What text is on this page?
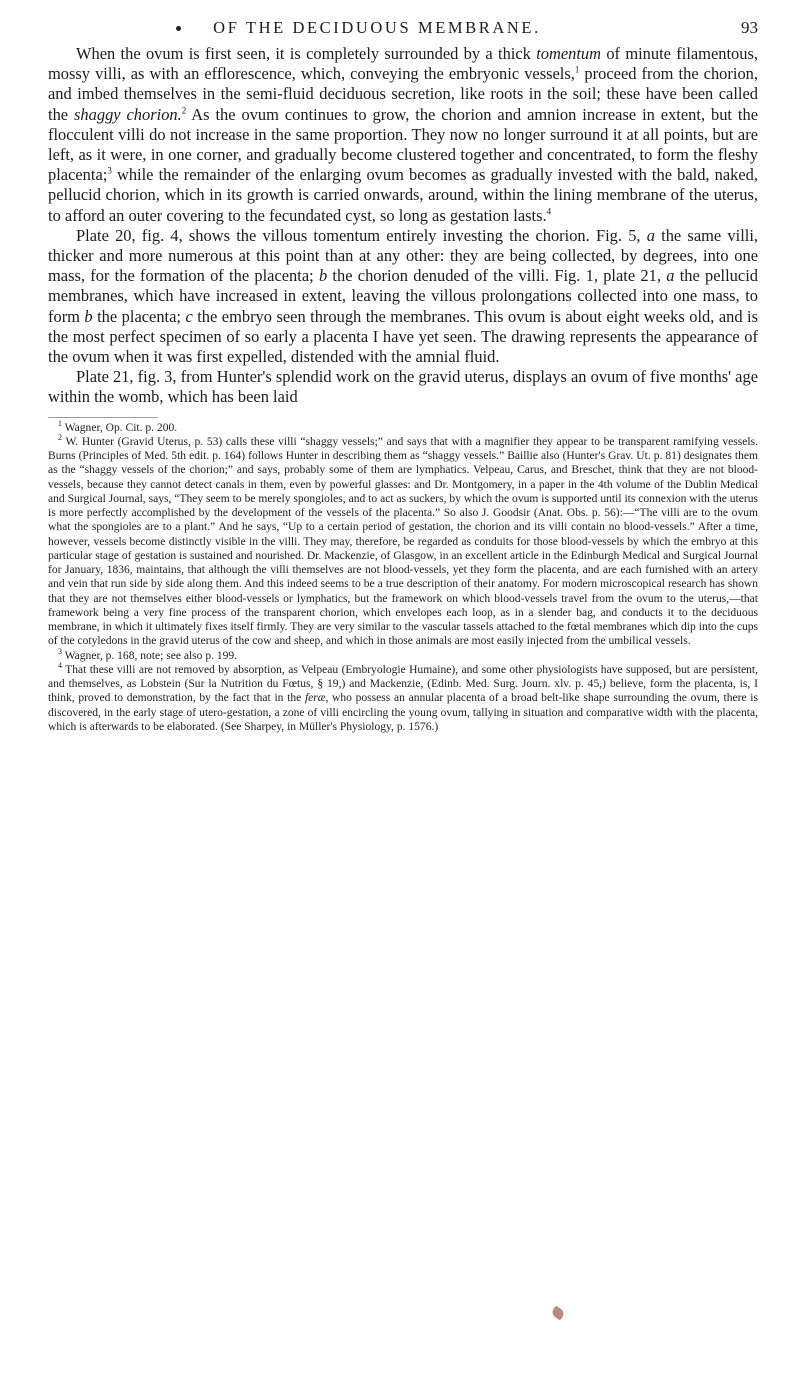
OF THE DECIDUOUS MEMBRANE.	93

When the ovum is first seen, it is completely surrounded by a thick tomentum of minute filamentous, mossy villi, as with an efflorescence, which, conveying the embryonic vessels,$^1$ proceed from the chorion, and imbed themselves in the semi-fluid deciduous secretion, like roots in the soil; these have been called the shaggy chorion.$^2$ As the ovum continues to grow, the chorion and amnion increase in extent, but the flocculent villi do not increase in the same proportion. They now no longer surround it at all points, but are left, as it were, in one corner, and gradually become clustered together and concentrated, to form the fleshy placenta;$^3$ while the remainder of the enlarging ovum becomes as gradually invested with the bald, naked, pellucid chorion, which in its growth is carried onwards, around, within the lining membrane of the uterus, to afford an outer covering to the fecundated cyst, so long as gestation lasts.$^4$

Plate 20, fig. 4, shows the villous tomentum entirely investing the chorion. Fig. 5, a the same villi, thicker and more numerous at this point than at any other: they are being collected, by degrees, into one mass, for the formation of the placenta; b the chorion denuded of the villi. Fig. 1, plate 21, a the pellucid membranes, which have increased in extent, leaving the villous prolongations collected into one mass, to form b the placenta; c the embryo seen through the membranes. This ovum is about eight weeks old, and is the most perfect specimen of so early a placenta I have yet seen. The drawing represents the appearance of the ovum when it was first expelled, distended with the amnial fluid.

Plate 21, fig. 3, from Hunter's splendid work on the gravid uterus, displays an ovum of five months' age within the womb, which has been laid

$^1$ Wagner, Op. Cit. p. 200.

$^2$ W. Hunter (Gravid Uterus, p. 53) calls these villi “shaggy vessels;” and says that with a magnifier they appear to be transparent ramifying vessels. Burns (Principles of Med. 5th edit. p. 164) follows Hunter in describing them as “shaggy vessels.” Baillie also (Hunter's Grav. Ut. p. 81) designates them as the “shaggy vessels of the chorion;” and says, probably some of them are lymphatics. Velpeau, Carus, and Breschet, think that they are not blood-vessels, because they cannot detect canals in them, even by powerful glasses: and Dr. Montgomery, in a paper in the 4th volume of the Dublin Medical and Surgical Journal, says, “They seem to be merely spongioles, and to act as suckers, by which the ovum is supported until its connexion with the uterus is more perfectly accomplished by the development of the vessels of the placenta.” So also J. Goodsir (Anat. Obs. p. 56):—“The villi are to the ovum what the spongioles are to a plant.” And he says, “Up to a certain period of gestation, the chorion and its villi contain no blood-vessels.” After a time, however, vessels become distinctly visible in the villi. They may, therefore, be regarded as conduits for those blood-vessels by which the embryo at this particular stage of gestation is sustained and nourished. Dr. Mackenzie, of Glasgow, in an excellent article in the Edinburgh Medical and Surgical Journal for January, 1836, maintains, that although the villi themselves are not blood-vessels, yet they form the placenta, and are each furnished with an artery and vein that run side by side along them. And this indeed seems to be a true description of their anatomy. For modern microscopical research has shown that they are not themselves either blood-vessels or lymphatics, but the framework on which blood-vessels travel from the ovum to the uterus,—that framework being a very fine process of the transparent chorion, which envelopes each loop, as in a slender bag, and conducts it to the deciduous membrane, in which it ultimately fixes itself firmly. They are very similar to the vascular tassels attached to the fœtal membranes which dip into the cups of the cotyledons in the gravid uterus of the cow and sheep, and which in those animals are most easily injected from the umbilical vessels.

$^3$ Wagner, p. 168, note; see also p. 199.

$^4$ That these villi are not removed by absorption, as Velpeau (Embryologie Humaine), and some other physiologists have supposed, but are persistent, and themselves, as Lobstein (Sur la Nutrition du Fœtus, § 19,) and Mackenzie, (Edinb. Med. Surg. Journ. xlv. p. 45,) believe, form the placenta, is, I think, proved to demonstration, by the fact that in the feræ, who possess an annular placenta of a broad belt-like shape surrounding the ovum, there is discovered, in the early stage of utero-gestation, a zone of villi encircling the young ovum, tallying in situation and comparative width with the placenta, which is afterwards to be elaborated. (See Sharpey, in Müller's Physiology, p. 1576.)
